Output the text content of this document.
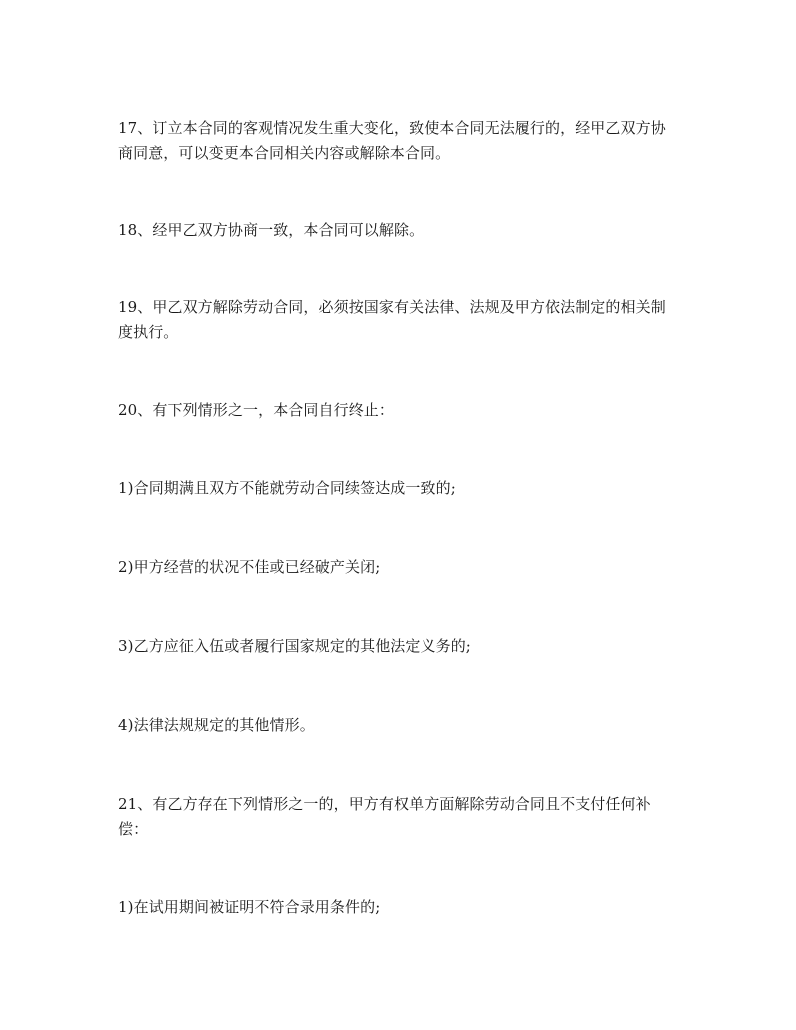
17、订立本合同的客观情况发生重大变化，致使本合同无法履行的，经甲乙双方协
商同意，可以变更本合同相关内容或解除本合同。

18、经甲乙双方协商一致，本合同可以解除。

19、甲乙双方解除劳动合同，必须按国家有关法律、法规及甲方依法制定的相关制
度执行。

20、有下列情形之一，本合同自行终止：

1)合同期满且双方不能就劳动合同续签达成一致的;

2)甲方经营的状况不佳或已经破产关闭;

3)乙方应征入伍或者履行国家规定的其他法定义务的;

4)法律法规规定的其他情形。

21、有乙方存在下列情形之一的，甲方有权单方面解除劳动合同且不支付任何补
偿：

1)在试用期间被证明不符合录用条件的;
